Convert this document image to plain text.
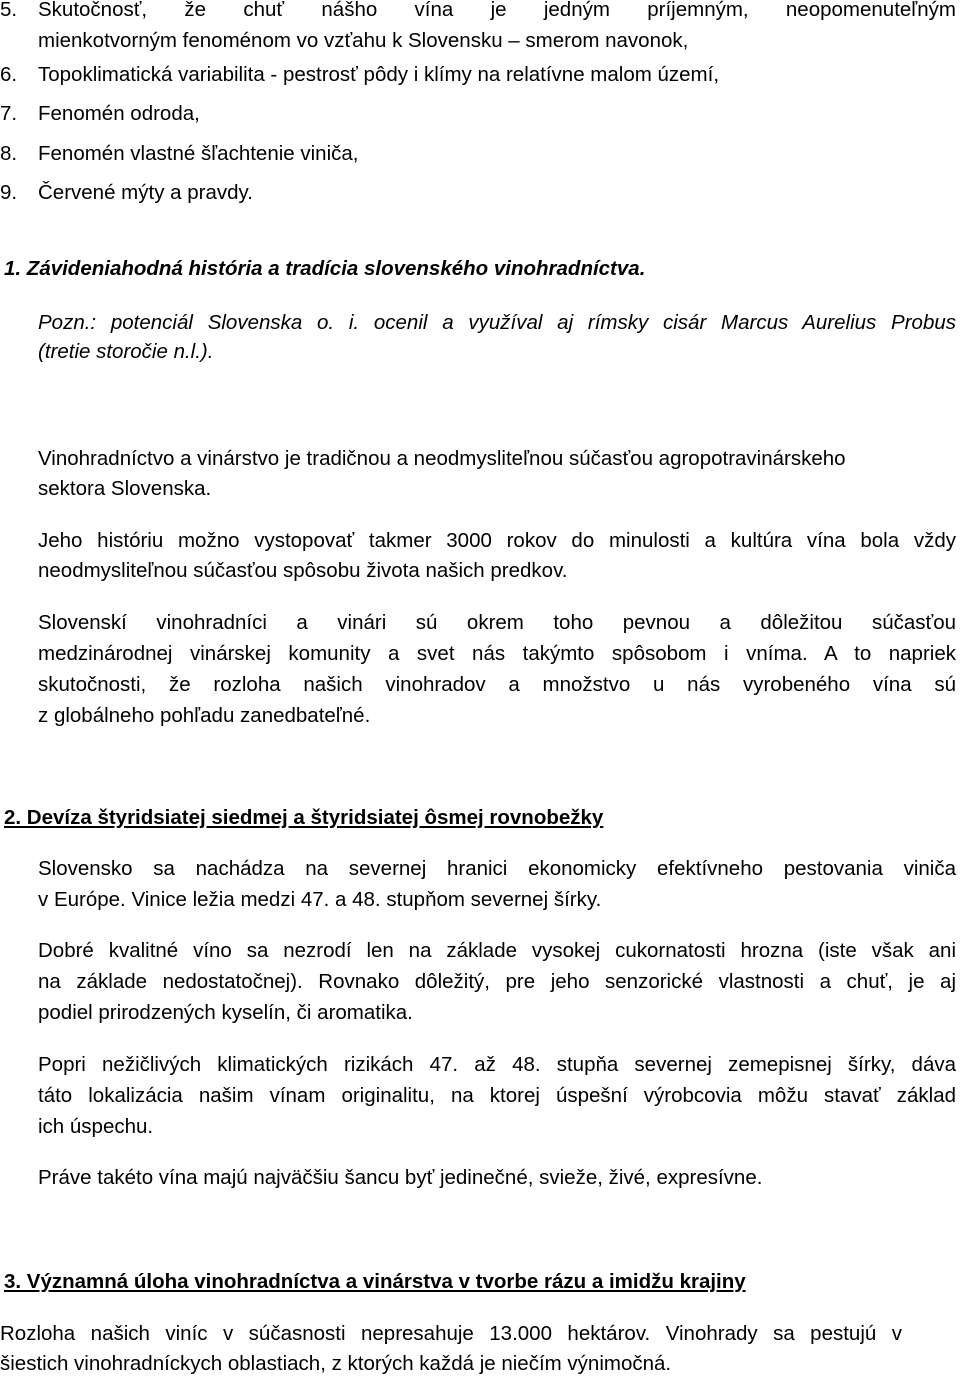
5. Skutočnosť, že chuť nášho vína je jedným príjemným, neopomenuteľným
mienkotvorným fenoménom vo vzťahu k Slovensku – smerom navonok,
6. Topoklimatická variabilita - pestrosť pôdy i klímy na relatívne malom území,
7. Fenomén odroda,
8. Fenomén vlastné šľachtenie viniča,
9. Červené mýty a pravdy.
1. Závideniahodná história a tradícia slovenského vinohradníctva.
Pozn.: potenciál Slovenska o. i. ocenil a využíval aj rímsky cisár Marcus Aurelius Probus
(tretie storočie n.l.).
Vinohradníctvo a vinárstvo je tradičnou a neodmysliteľnou súčasťou agropotravinárskeho
sektora Slovenska.
Jeho históriu možno vystopovať takmer 3000 rokov do minulosti a kultúra vína bola vždy
neodmysliteľnou súčasťou spôsobu života našich predkov.
Slovenskí vinohradníci a vinári sú okrem toho pevnou a dôležitou súčasťou
medzinárodnej vinárskej komunity a svet nás takýmto spôsobom i vníma. A to napriek
skutočnosti, že rozloha našich vinohradov a množstvo u nás vyrobeného vína sú
z globálneho pohľadu zanedbateľné.
2. Devíza štyridsiatej siedmej a štyridsiatej ôsmej rovnobežky
Slovensko sa nachádza na severnej hranici ekonomicky efektívneho pestovania viniča
v Európe. Vinice ležia medzi 47. a 48. stupňom severnej šírky.
Dobré kvalitné víno sa nezrodí len na základe vysokej cukornatosti hrozna (iste však ani
na základe nedostatočnej). Rovnako dôležitý, pre jeho senzorické vlastnosti a chuť, je aj
podiel prirodzených kyselín, či aromatika.
Popri nežičlivých klimatických rizikách 47. až 48. stupňa severnej zemepisnej šírky, dáva
táto lokalizácia našim vínam originalitu, na ktorej úspešní výrobcovia môžu stavať základ
ich úspechu.
Práve takéto vína majú najväčšiu šancu byť jedinečné, svieže, živé, expresívne.
3. Významná úloha vinohradníctva a vinárstva v tvorbe rázu a imidžu krajiny
Rozloha našich viníc v súčasnosti nepresahuje 13.000 hektárov. Vinohrady sa pestujú v
šiestich vinohradníckych oblastiach, z ktorých každá je niečím výnimočná.
